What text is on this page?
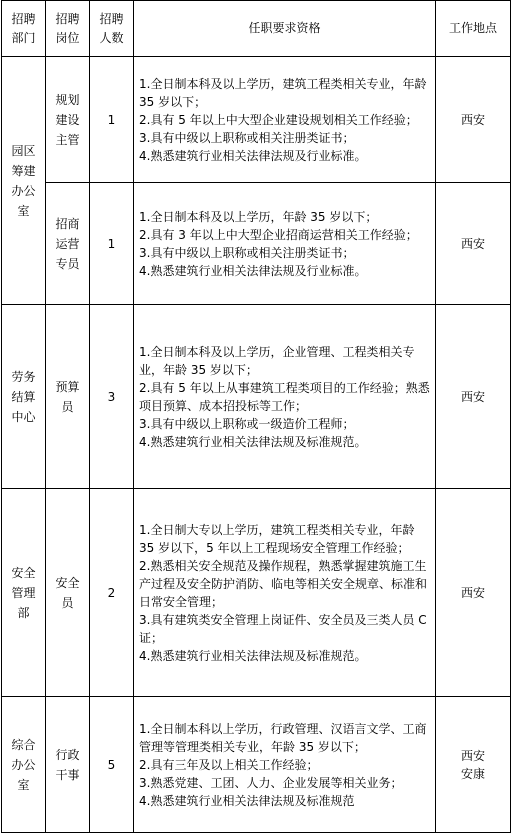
招聘
部门	招聘
岗位	招聘
人数	任职要求资格	工作地点

园区
筹建
办公
室	规划
建设
主管	1	1.全日制本科及以上学历，建筑工程类相关专业，年龄 35 岁以下；
2.具有 5 年以上中大型企业建设规划相关工作经验；
3.具有中级以上职称或相关注册类证书；
4.熟悉建筑行业相关法律法规及行业标准。	西安

	招商
运营
专员	1	1.全日制本科及以上学历，年龄 35 岁以下；
2.具有 3 年以上中大型企业招商运营相关工作经验；
3.具有中级以上职称或相关注册类证书；
4.熟悉建筑行业相关法律法规及行业标准。	西安

劳务
结算
中心	预算
员	3	1.全日制本科及以上学历，企业管理、工程类相关专业，年龄 35 岁以下；
2.具有 5 年以上从事建筑工程类项目的工作经验；熟悉项目预算、成本招投标等工作；
3.具有中级以上职称或一级造价工程师；
4.熟悉建筑行业相关法律法规及标准规范。	西安

安全
管理
部	安全
员	2	1.全日制大专以上学历，建筑工程类相关专业，年龄 35 岁以下，5 年以上工程现场安全管理工作经验；
2.熟悉相关安全规范及操作规程，熟悉掌握建筑施工生产过程及安全防护消防、临电等相关安全规章、标准和日常安全管理；
3.具有建筑类安全管理上岗证件、安全员及三类人员 C 证；
4.熟悉建筑行业相关法律法规及标准规范。	西安

综合
办公
室	行政
干事	5	1.全日制本科以上学历，行政管理、汉语言文学、工商管理等管理类相关专业，年龄 35 岁以下；
2.具有三年及以上相关工作经验；
3.熟悉党建、工团、人力、企业发展等相关业务；
4.熟悉建筑行业相关法律法规及标准规范	西安
安康
